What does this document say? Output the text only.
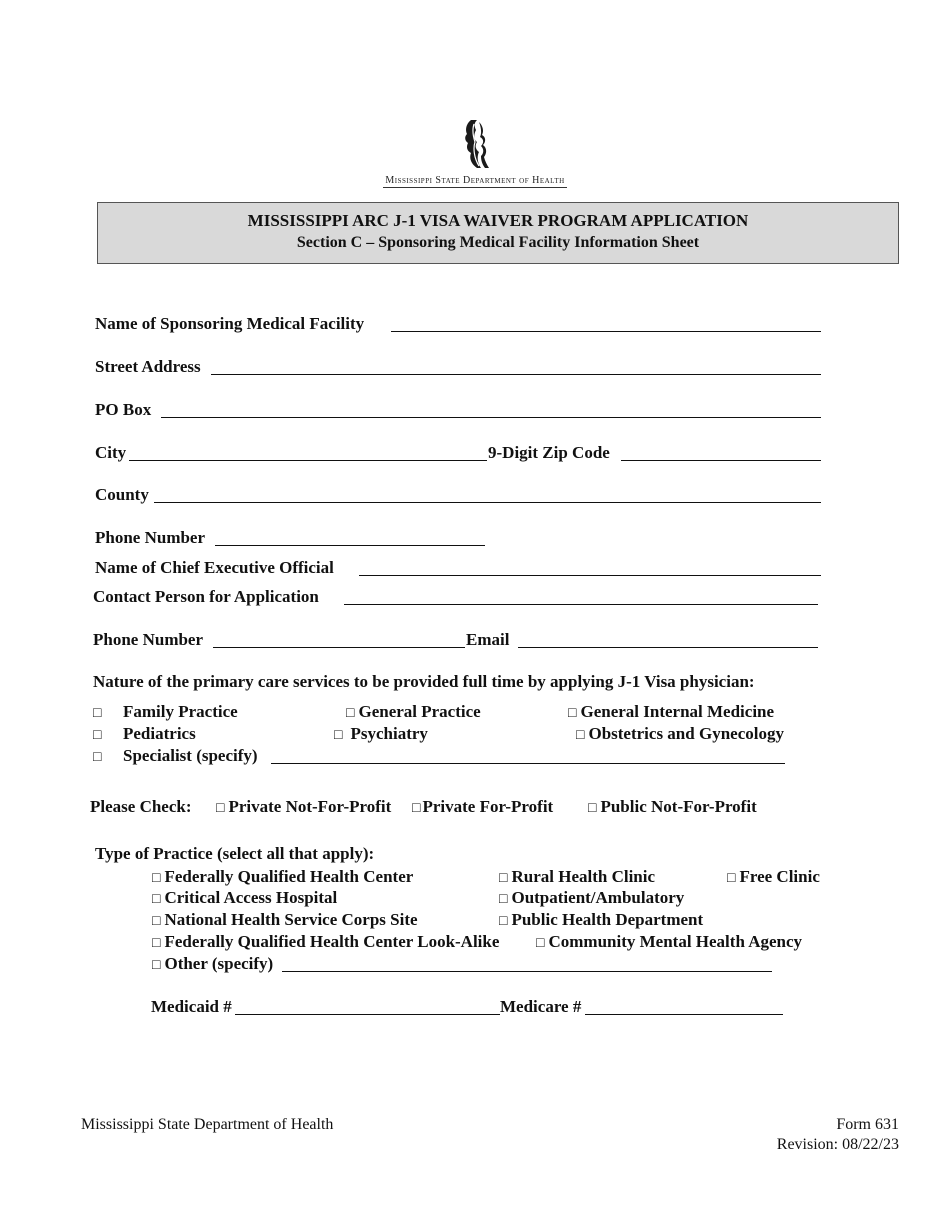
Mississippi State Department of Health
MISSISSIPPI ARC J-1 VISA WAIVER PROGRAM APPLICATION
Section C – Sponsoring Medical Facility Information Sheet
Name of Sponsoring Medical Facility
Street Address
PO Box
City	9-Digit Zip Code
County
Phone Number
Name of Chief Executive Official
Contact Person for Application
Phone Number	Email
Nature of the primary care services to be provided full time by applying J-1 Visa physician:
□ Family Practice	□ General Practice	□ General Internal Medicine
□ Pediatrics	□ Psychiatry	□ Obstetrics and Gynecology
□ Specialist (specify)
Please Check: □ Private Not-For-Profit □ Private For-Profit □ Public Not-For-Profit
Type of Practice (select all that apply):
□ Federally Qualified Health Center	□ Rural Health Clinic	□ Free Clinic
□ Critical Access Hospital	□ Outpatient/Ambulatory
□ National Health Service Corps Site	□ Public Health Department
□ Federally Qualified Health Center Look-Alike	□ Community Mental Health Agency
□ Other (specify)
Medicaid #	Medicare #
Mississippi State Department of Health	Form 631
Revision: 08/22/23
